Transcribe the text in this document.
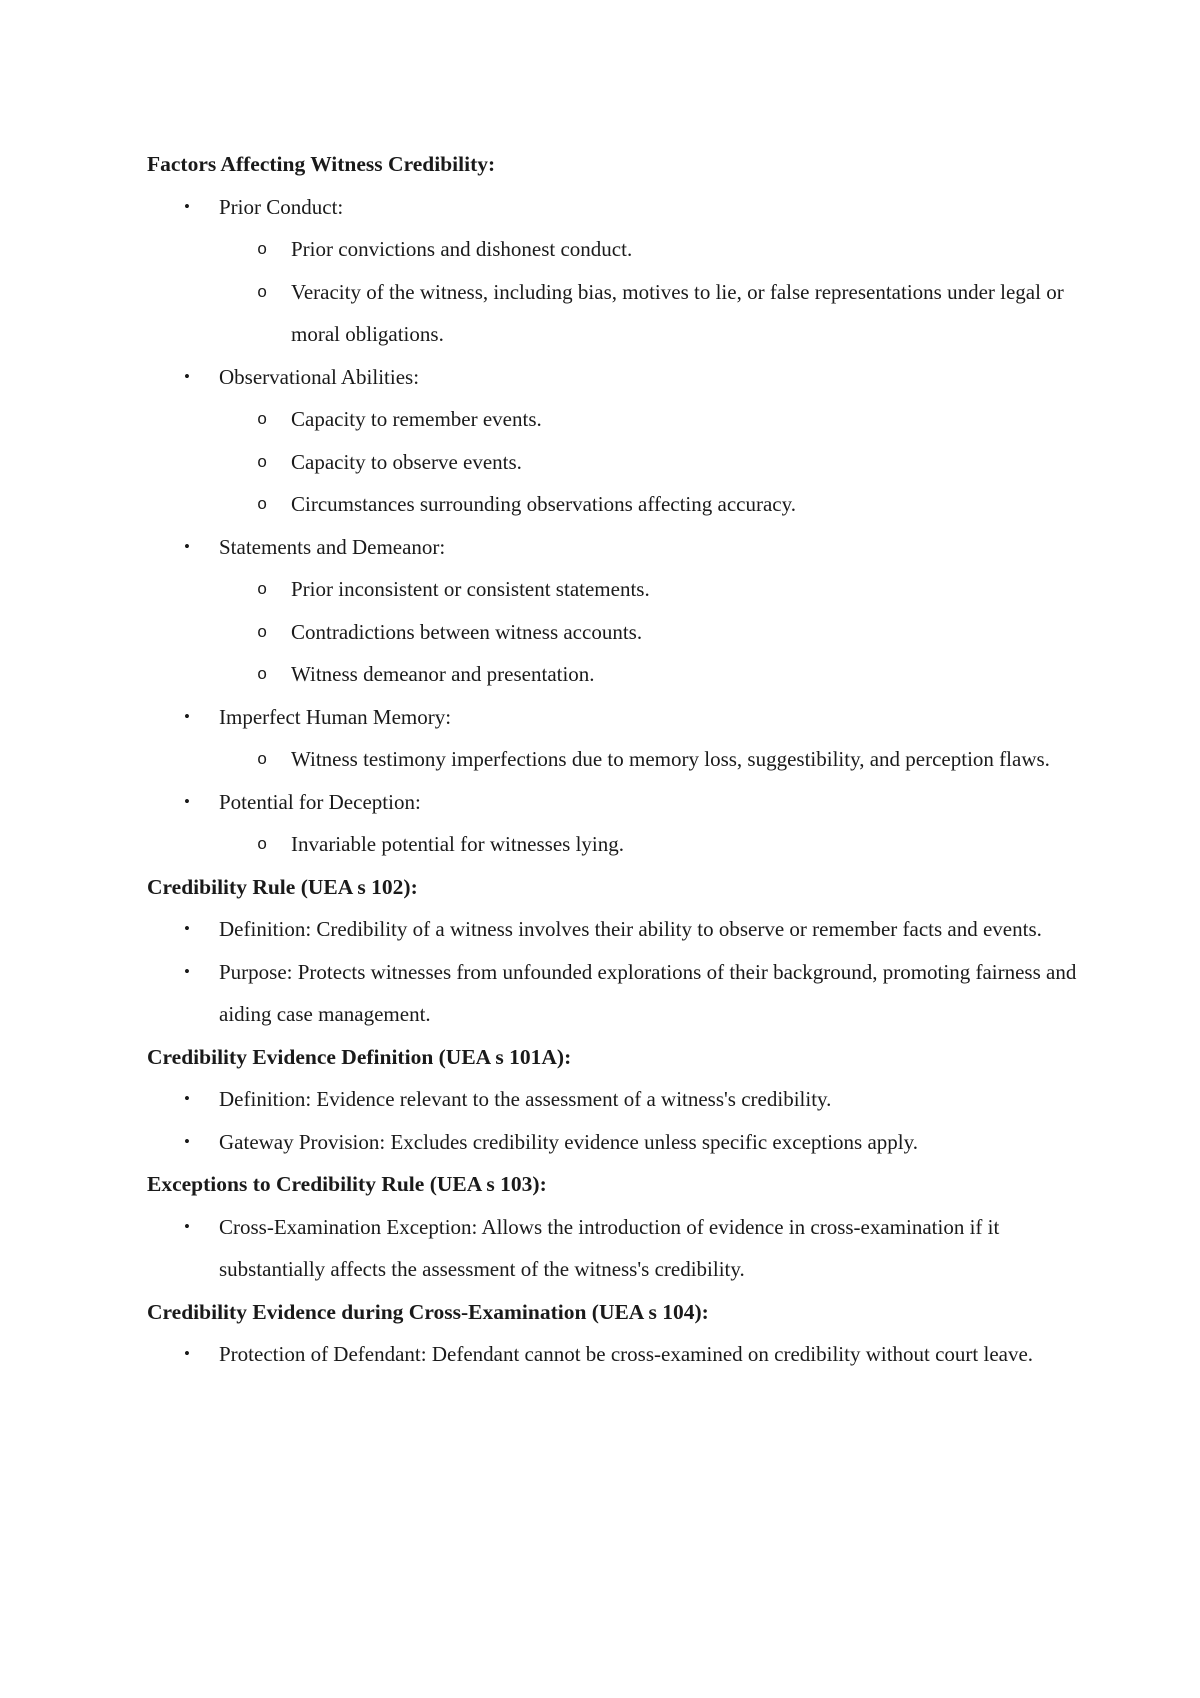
Factors Affecting Witness Credibility:
• Prior Conduct:
o Prior convictions and dishonest conduct.
o Veracity of the witness, including bias, motives to lie, or false representations under legal or moral obligations.
• Observational Abilities:
o Capacity to remember events.
o Capacity to observe events.
o Circumstances surrounding observations affecting accuracy.
• Statements and Demeanor:
o Prior inconsistent or consistent statements.
o Contradictions between witness accounts.
o Witness demeanor and presentation.
• Imperfect Human Memory:
o Witness testimony imperfections due to memory loss, suggestibility, and perception flaws.
• Potential for Deception:
o Invariable potential for witnesses lying.
Credibility Rule (UEA s 102):
• Definition: Credibility of a witness involves their ability to observe or remember facts and events.
• Purpose: Protects witnesses from unfounded explorations of their background, promoting fairness and aiding case management.
Credibility Evidence Definition (UEA s 101A):
• Definition: Evidence relevant to the assessment of a witness's credibility.
• Gateway Provision: Excludes credibility evidence unless specific exceptions apply.
Exceptions to Credibility Rule (UEA s 103):
• Cross-Examination Exception: Allows the introduction of evidence in cross-examination if it substantially affects the assessment of the witness's credibility.
Credibility Evidence during Cross-Examination (UEA s 104):
• Protection of Defendant: Defendant cannot be cross-examined on credibility without court leave.
